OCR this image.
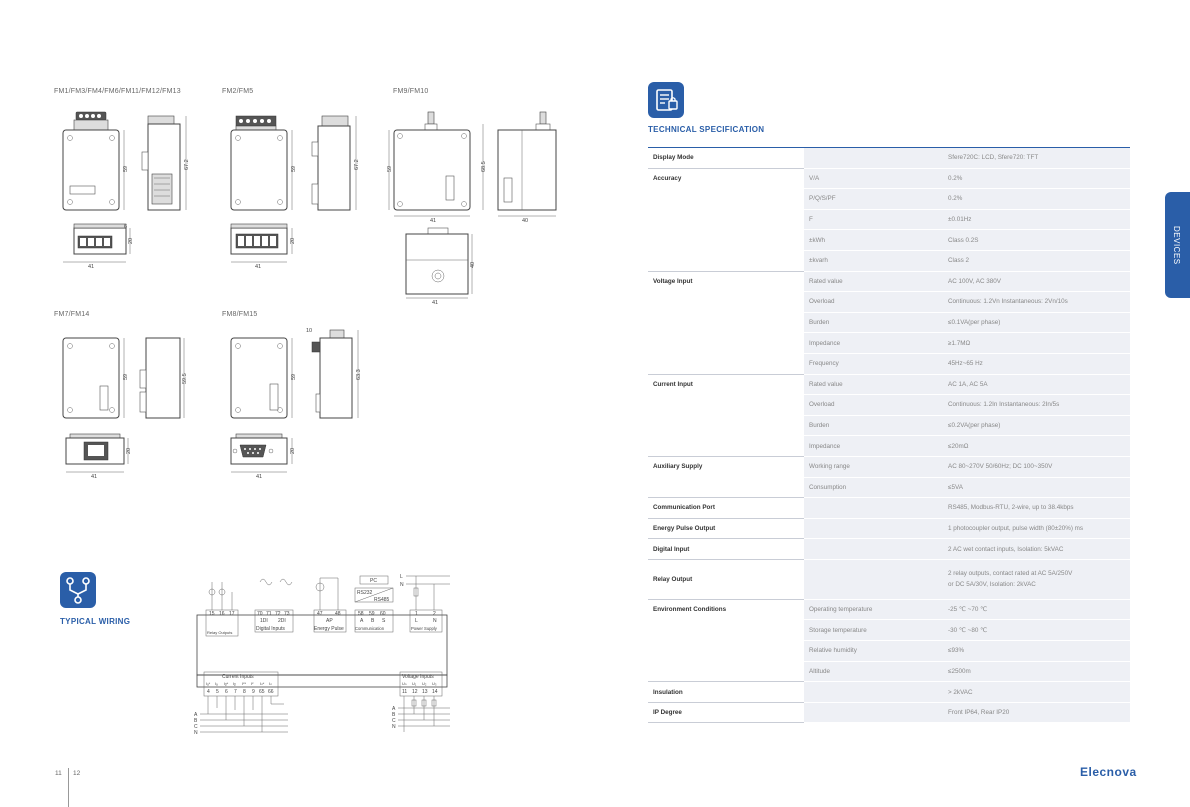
FM1/FM3/FM4/FM6/FM11/FM12/FM13	FM2/FM5	FM9/FM10
FM7/FM14	FM8/FM15
59	67.2
6
20
41
59	67.2
20
41
59
41
68.5
40
40
41
59	59.5
20
41
59
10
63.3
20
41
TYPICAL WIRING
15 16 17
Relay Outputs
70 71 72 73
1DI 2DI
Digital Inputs
47 48
AP
Energy Pulse
PC
RS232
RS485
58 59 60
A B S
Communication
1	2
L	N
Power Supply
L
N
Current Inputs
Iₐ* Iₐ Iᵦ* Iᵦ Iᶜ* Iᶜ Iₙ* Iₙ
4 5 6 7 8 9 65 66
Voltage Inputs
Uₙ U₁ U₂ U₃
11 12 13 14
A
B
C
N
A
B
C
N
TECHNICAL SPECIFICATION
Display Mode		Sfere720C: LCD, Sfere720: TFT
Accuracy	V/A	0.2%
	P/Q/S/PF	0.2%
	F	±0.01Hz
	±kWh	Class 0.2S
	±kvarh	Class 2
Voltage Input	Rated value	AC 100V, AC 380V
	Overload	Continuous: 1.2Vn Instantaneous: 2Vn/10s
	Burden	≤0.1VA(per phase)
	Impedance	≥1.7MΩ
	Frequency	45Hz~65 Hz
Current Input	Rated value	AC 1A, AC 5A
	Overload	Continuous: 1.2In Instantaneous: 2In/5s
	Burden	≤0.2VA(per phase)
	Impedance	≤20mΩ
Auxiliary Supply	Working range	AC 80~270V 50/60Hz; DC 100~350V
	Consumption	≤5VA
Communication Port		RS485, Modbus-RTU, 2-wire, up to 38.4kbps
Energy Pulse Output		1 photocoupler output, pulse width (80±20%) ms
Digital Input		2 AC wet contact inputs, Isolation: 5kVAC
Relay Output		2 relay outputs, contact rated at AC 5A/250V
or DC 5A/30V, Isolation: 2kVAC

Environment Conditions	Operating temperature	-25 ℃ ~70 ℃
	Storage temperature	-30 ℃ ~80 ℃
	Relative humidity	≤93%
	Altitude	≤2500m
Insulation		> 2kVAC
IP Degree		Front IP64, Rear IP20
DEVICES
11 12	Elecnova
